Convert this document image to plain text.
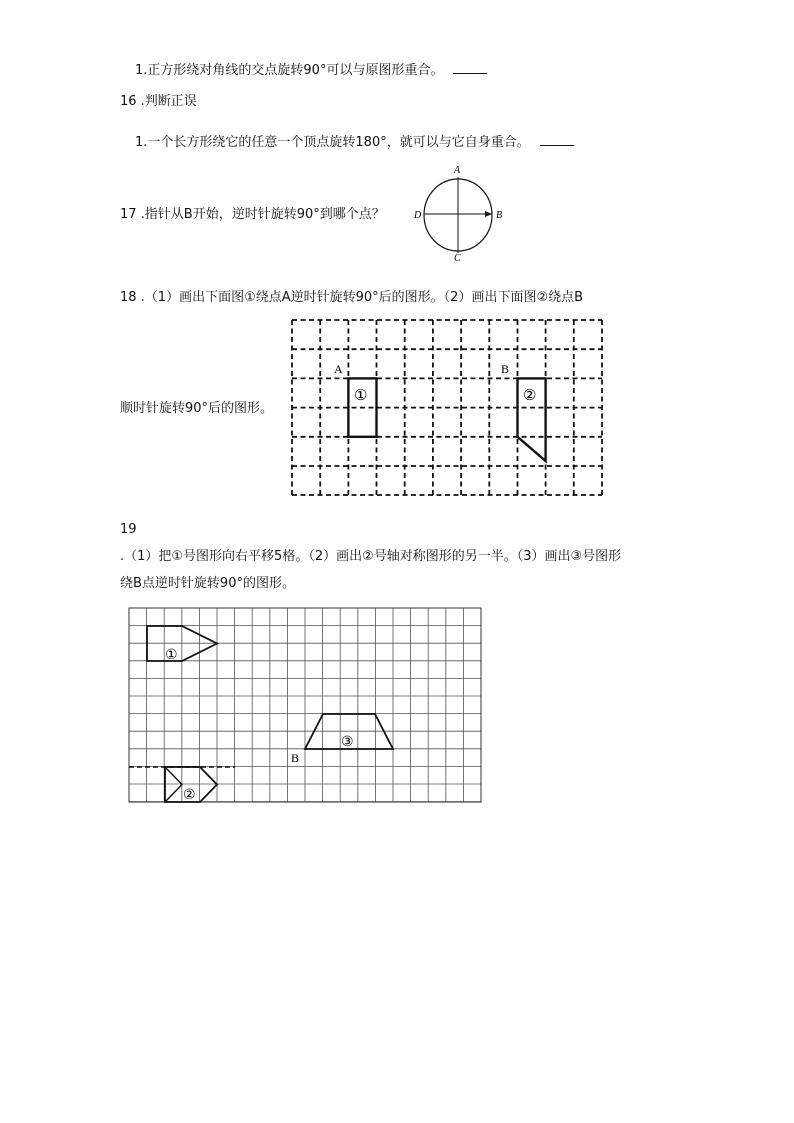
1.正方形绕对角线的交点旋转90°可以与原图形重合。
16 .判断正误
1.一个长方形绕它的任意一个顶点旋转180°，就可以与它自身重合。
17 .指针从B开始，逆时针旋转90°到哪个点？
A
B
C
D
18 .（1）画出下面图①绕点A逆时针旋转90°后的图形。（2）画出下面图②绕点B
顺时针旋转90°后的图形。
①
A
②
B
19
.（1）把①号图形向右平移5格。（2）画出②号轴对称图形的另一半。（3）画出③号图形
绕B点逆时针旋转90°的图形。
①
③
B
②
